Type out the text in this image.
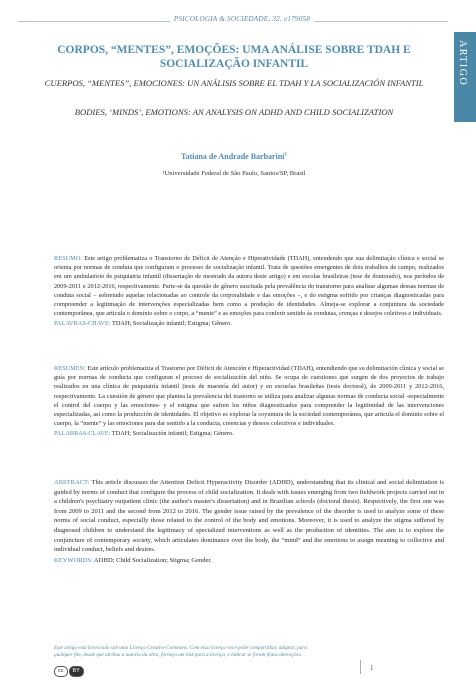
PSICOLOGIA & SOCIEDADE, 32, e179058
ARTIGO
CORPOS, “MENTES”, EMOÇÕES: UMA ANÁLISE SOBRE TDAH E SOCIALIZAÇÃO INFANTIL
CUERPOS, “MENTES”, EMOCIONES: UN ANÁLISIS SOBRE EL TDAH Y LA SOCIALIZACIÓN INFANTIL
BODIES, ‘MINDS’, EMOTIONS: AN ANALYSIS ON ADHD AND CHILD SOCIALIZATION
Tatiana de Andrade Barbarini$^1$
¹Universidade Federal de São Paulo, Santos/SP, Brasil
RESUMO: Este artigo problematiza o Transtorno de Déficit de Atenção e Hiperatividade (TDAH), entendendo que sua delimitação clínica e social se orienta por normas de conduta que configuram o processo de socialização infantil. Trata de questões emergentes de dois trabalhos de campo, realizados em um ambulatório de psiquiatria infantil (dissertação de mestrado da autora deste artigo) e em escolas brasileiras (tese de doutorado), nos períodos de 2009-2011 e 2012-2016, respectivamente. Parte-se da questão de gênero suscitada pela prevalência do transtorno para analisar algumas dessas normas de conduta social – sobretudo aquelas relacionadas ao controle da corporalidade e das emoções –, e do estigma sofrido por crianças diagnosticadas para compreender a legitimação de intervenções especializadas bem como a produção de identidades. Almeja-se explorar a conjuntura da sociedade contemporânea, que articula o domínio sobre o corpo, a “mente” e as emoções para conferir sentido às condutas, crenças e desejos coletivos e individuais.
PALAVRAS-CHAVE: TDAH; Socialização infantil; Estigma; Gênero.
RESUMEN: Este artículo problematiza el Trastorno por Déficit de Atención e Hiperactividad (TDAH), entendiendo que su delimitación clínica y social se guía por normas de conducta que configuran el proceso de socialización del niño. Se ocupa de cuestiones que surgen de dos proyectos de trabajo realizados en una clínica de psiquiatría infantil (tesis de maestría del autor) y en escuelas brasileñas (tesis doctoral), de 2009-2011 y 2012-2016, respectivamente. La cuestión de género que plantea la prevalencia del trastorno se utiliza para analizar algunas normas de conducta social -especialmente el control del cuerpo y las emociones- y el estigma que sufren los niños diagnosticados para comprender la legitimidad de las intervenciones especializadas, así como la producción de identidades. El objetivo es explorar la coyuntura de la sociedad contemporánea, que articula el dominio sobre el cuerpo, la “mente” y las emociones para dar sentido a la conducta, creencias y deseos colectivos e individuales.
PALABRAS-CLAVE: TDAH; Socialización infantil; Estigma; Género.
ABSTRACT: This article discusses the Attention Deficit Hyperactivity Disorder (ADHD), understanding that its clinical and social delimitation is guided by norms of conduct that configure the process of child socialization. It deals with issues emerging from two fieldwork projects carried out in a children's psychiatry outpatient clinic (the author's master's dissertation) and in Brazilian schools (doctoral thesis). Respectively, the first one was from 2009 to 2011 and the second from 2012 to 2016. The gender issue raised by the prevalence of the disorder is used to analyze some of these norms of social conduct, especially those related to the control of the body and emotions. Moreover, it is used to analyze the stigma suffered by diagnosed children to understand the legitimacy of specialized interventions as well as the production of identities. The aim is to explore the conjuncture of contemporary society, which articulates dominance over the body, the “mind” and the emotions to assign meaning to collective and individual conduct, beliefs and desires.
KEYWORDS: ADHD; Child Socialization; Stigma; Gender.
Este artigo está licenciado sob uma Licença Creative Commons. Com essa licença você pode compartilhar, adaptar, para qualquer fim, desde que atribua a autoria da obra, forneça um link para a licença, e indicar se foram feitas alterações.
cc	BY	1
